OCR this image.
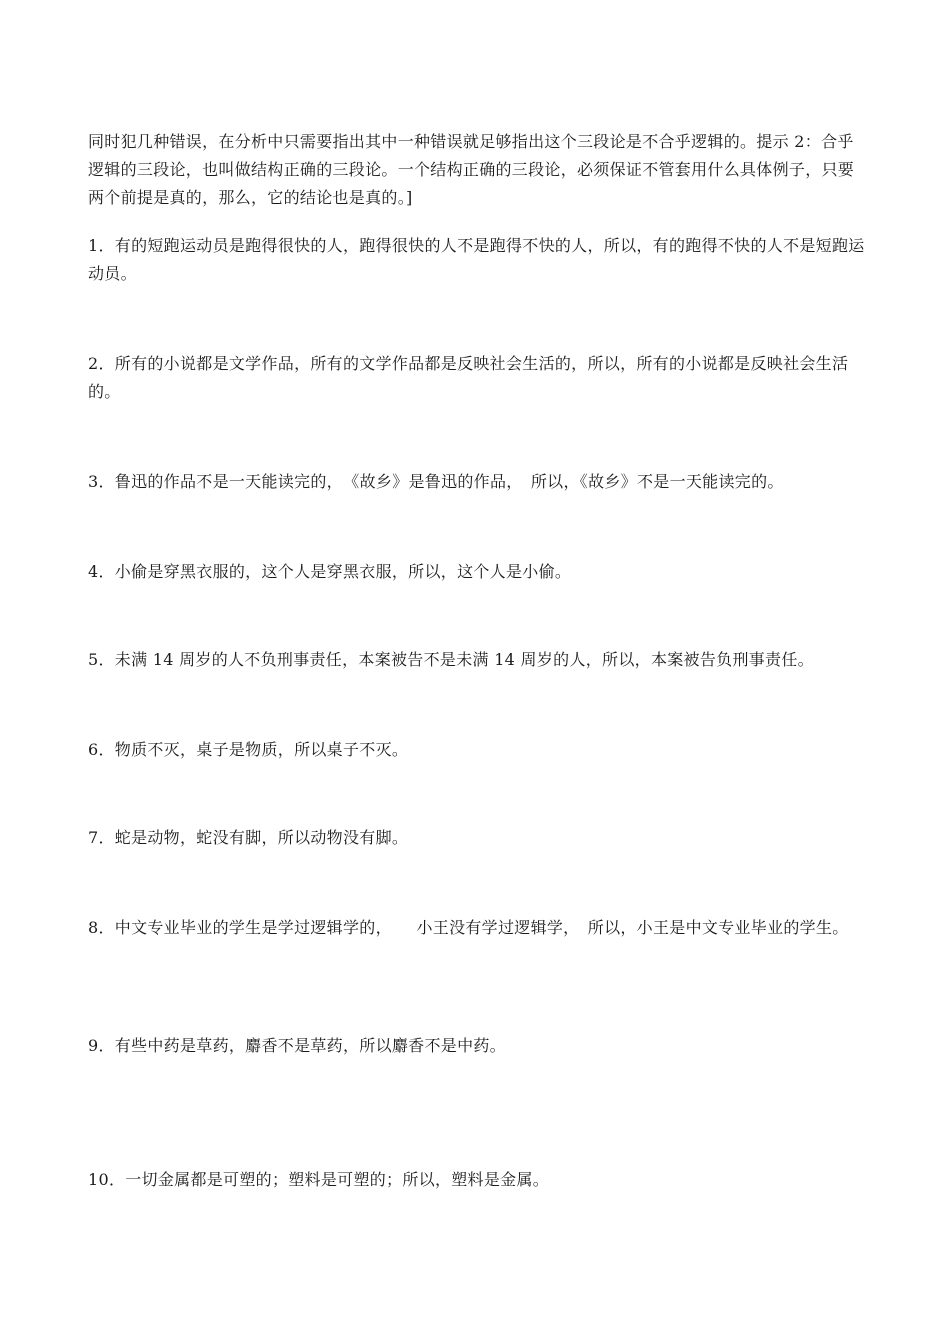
同时犯几种错误，在分析中只需要指出其中一种错误就足够指出这个三段论是不合乎逻辑的。提示 2：合乎逻辑的三段论，也叫做结构正确的三段论。一个结构正确的三段论，必须保证不管套用什么具体例子，只要两个前提是真的，那么，它的结论也是真的。]

1．有的短跑运动员是跑得很快的人，跑得很快的人不是跑得不快的人，所以，有的跑得不快的人不是短跑运动员。

2．所有的小说都是文学作品，所有的文学作品都是反映社会生活的，所以，所有的小说都是反映社会生活的。

3．鲁迅的作品不是一天能读完的，　《故乡》是鲁迅的作品，　所以，《故乡》不是一天能读完的。

4．小偷是穿黑衣服的，这个人是穿黑衣服，所以，这个人是小偷。

5．未满 14 周岁的人不负刑事责任，本案被告不是未满 14 周岁的人，所以，本案被告负刑事责任。

6．物质不灭，桌子是物质，所以桌子不灭。

7．蛇是动物，蛇没有脚，所以动物没有脚。

8．中文专业毕业的学生是学过逻辑学的，　　小王没有学过逻辑学，　所以，小王是中文专业毕业的学生。

9．有些中药是草药，麝香不是草药，所以麝香不是中药。

10．一切金属都是可塑的；塑料是可塑的；所以，塑料是金属。
